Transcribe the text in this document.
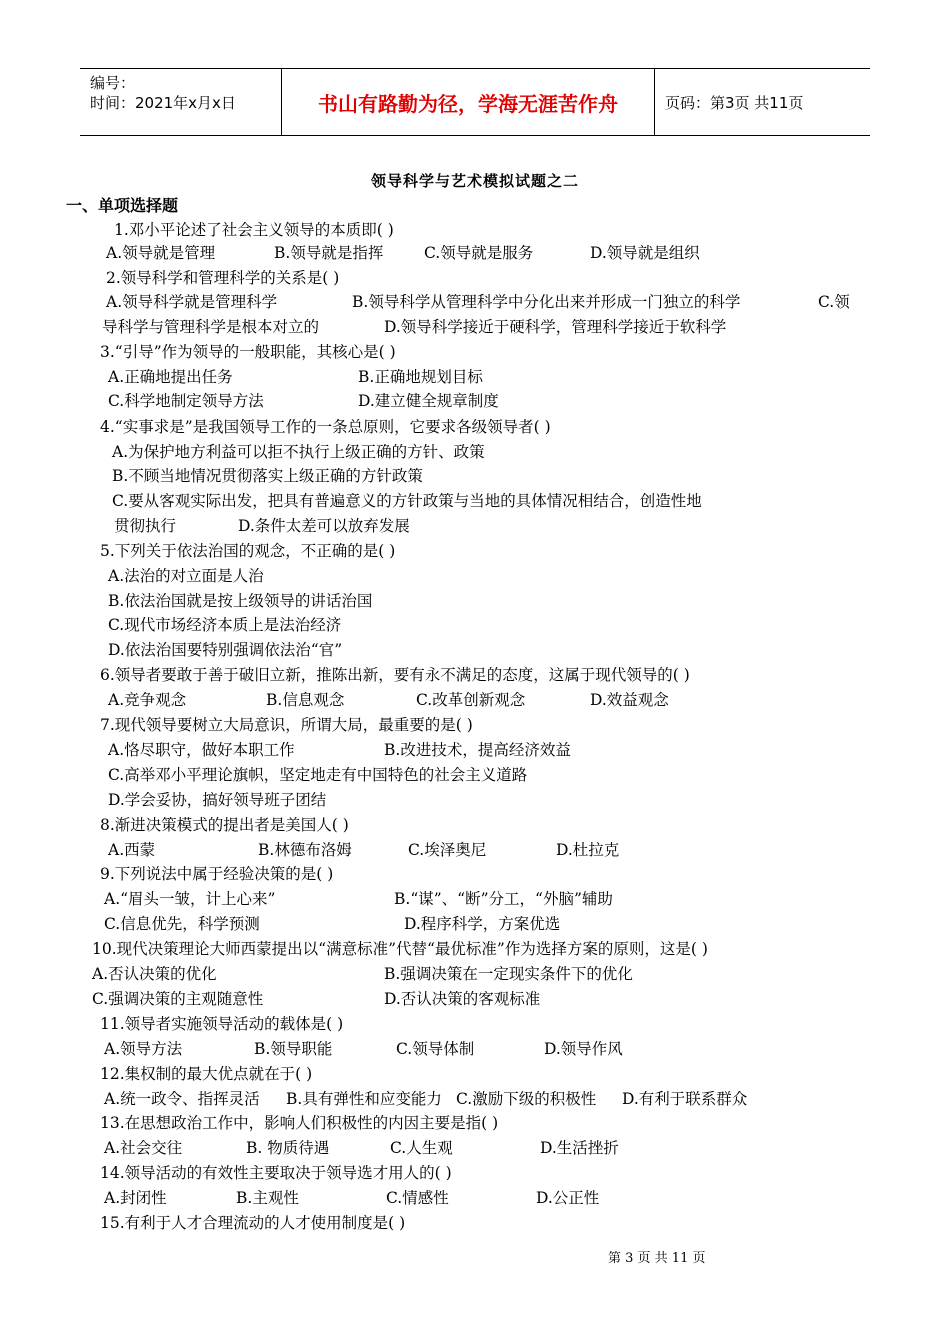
编号：
时间：2021年x月x日	书山有路勤为径，学海无涯苦作舟	页码：第3页 共11页
领导科学与艺术模拟试题之二
一、单项选择题
1.邓小平论述了社会主义领导的本质即( )
A.领导就是管理	B.领导就是指挥	C.领导就是服务	D.领导就是组织
2.领导科学和管理科学的关系是( )
A.领导科学就是管理科学	B.领导科学从管理科学中分化出来并形成一门独立的科学	C.领
导科学与管理科学是根本对立的	D.领导科学接近于硬科学，管理科学接近于软科学
3.“引导”作为领导的一般职能，其核心是( )
A.正确地提出任务	B.正确地规划目标
C.科学地制定领导方法	D.建立健全规章制度
4.“实事求是”是我国领导工作的一条总原则，它要求各级领导者( )
A.为保护地方利益可以拒不执行上级正确的方针、政策
B.不顾当地情况贯彻落实上级正确的方针政策
C.要从客观实际出发，把具有普遍意义的方针政策与当地的具体情况相结合，创造性地
贯彻执行	D.条件太差可以放弃发展
5.下列关于依法治国的观念，不正确的是( )
A.法治的对立面是人治
B.依法治国就是按上级领导的讲话治国
C.现代市场经济本质上是法治经济
D.依法治国要特别强调依法治“官”
6.领导者要敢于善于破旧立新，推陈出新，要有永不满足的态度，这属于现代领导的( )
A.竞争观念	B.信息观念	C.改革创新观念	D.效益观念
7.现代领导要树立大局意识，所谓大局，最重要的是( )
A.恪尽职守，做好本职工作	B.改进技术，提高经济效益
C.高举邓小平理论旗帜，坚定地走有中国特色的社会主义道路
D.学会妥协，搞好领导班子团结
8.渐进决策模式的提出者是美国人( )
A.西蒙	B.林德布洛姆	C.埃泽奥尼	D.杜拉克
9.下列说法中属于经验决策的是( )
A.“眉头一皱，计上心来”	B.“谋”、“断”分工，“外脑”辅助
C.信息优先，科学预测	D.程序科学，方案优选
10.现代决策理论大师西蒙提出以“满意标准”代替“最优标准”作为选择方案的原则，这是( )
A.否认决策的优化	B.强调决策在一定现实条件下的优化
C.强调决策的主观随意性	D.否认决策的客观标准
11.领导者实施领导活动的载体是( )
A.领导方法	B.领导职能	C.领导体制	D.领导作风
12.集权制的最大优点就在于( )
A.统一政令、指挥灵活 B.具有弹性和应变能力 C.激励下级的积极性 D.有利于联系群众
13.在思想政治工作中，影响人们积极性的内因主要是指( )
A.社会交往	B. 物质待遇	C.人生观	D.生活挫折
14.领导活动的有效性主要取决于领导选才用人的( )
A.封闭性	B.主观性	C.情感性	D.公正性
15.有利于人才合理流动的人才使用制度是( )
第 3 页 共 11 页
